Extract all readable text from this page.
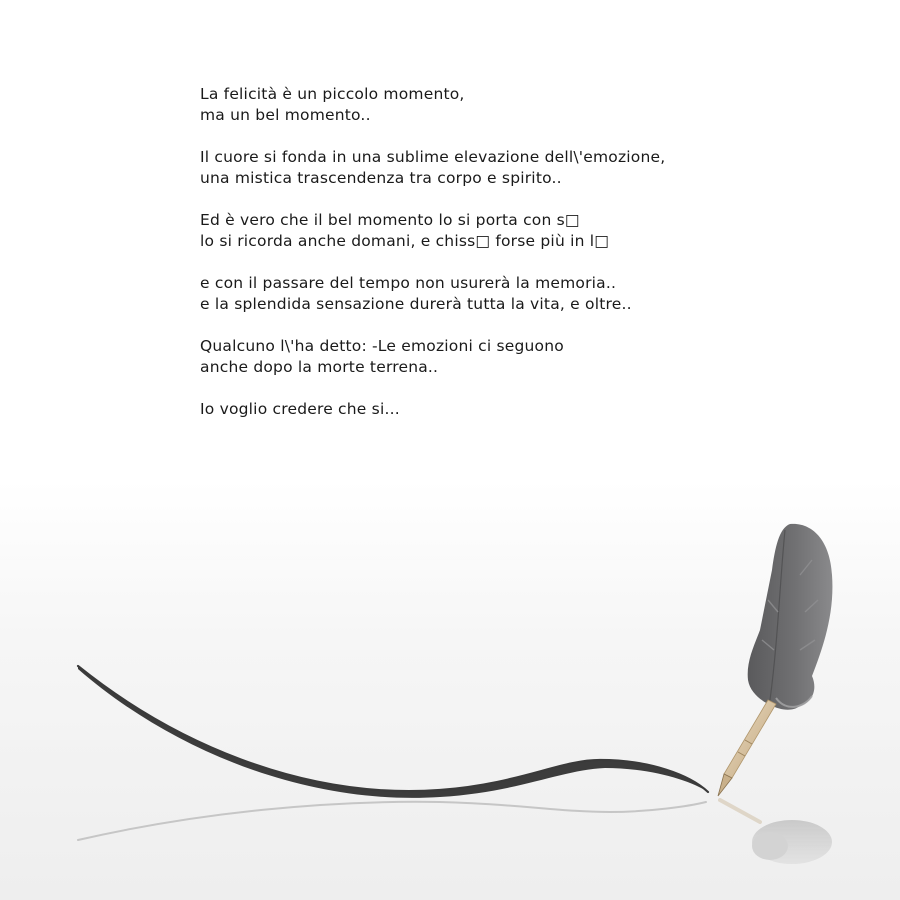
La felicità è un piccolo momento,
ma un bel momento..
Il cuore si fonda in una sublime elevazione dell\'emozione,
una mistica trascendenza tra corpo e spirito..
Ed è vero che il bel momento lo si porta con s□
lo si ricorda anche domani, e chiss□ forse più in l□
e con il passare del tempo non usurerà la memoria..
e la splendida sensazione durerà tutta la vita, e oltre..
Qualcuno l\'ha detto: -Le emozioni ci seguono
anche dopo la morte terrena..
Io voglio credere che si...
